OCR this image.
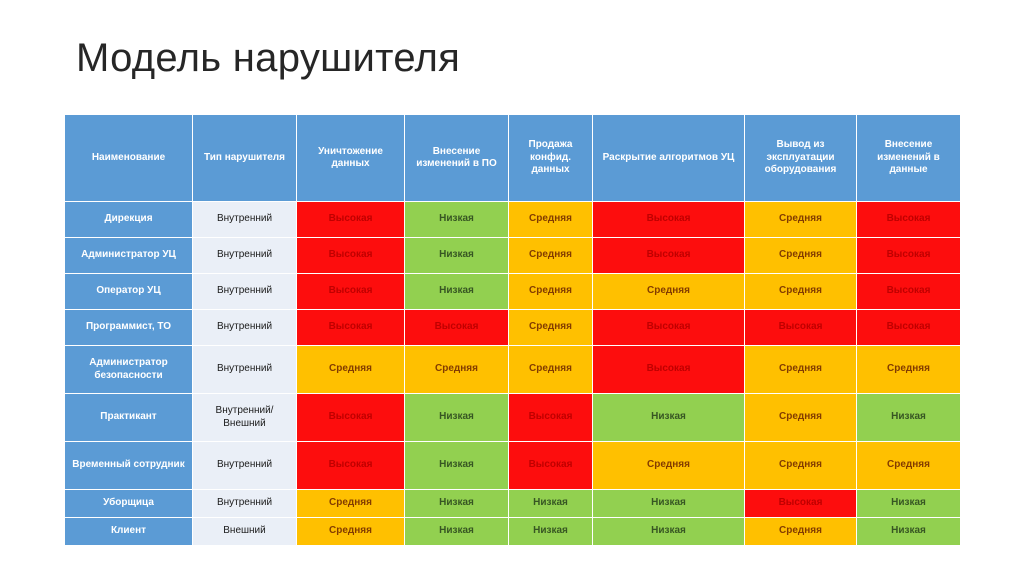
Модель нарушителя
Наименование	Тип нарушителя	Уничтожение данных	Внесение изменений в ПО	Продажа конфид. данных	Раскрытие алгоритмов УЦ	Вывод из эксплуатации оборудования	Внесение изменений в данные
Дирекция	Внутренний	Высокая	Низкая	Средняя	Высокая	Средняя	Высокая
Администратор УЦ	Внутренний	Высокая	Низкая	Средняя	Высокая	Средняя	Высокая
Оператор УЦ	Внутренний	Высокая	Низкая	Средняя	Средняя	Средняя	Высокая
Программист, ТО	Внутренний	Высокая	Высокая	Средняя	Высокая	Высокая	Высокая
Администратор безопасности	Внутренний	Средняя	Средняя	Средняя	Высокая	Средняя	Средняя
Практикант	Внутренний/ Внешний	Высокая	Низкая	Высокая	Низкая	Средняя	Низкая
Временный сотрудник	Внутренний	Высокая	Низкая	Высокая	Средняя	Средняя	Средняя
Уборщица	Внутренний	Средняя	Низкая	Низкая	Низкая	Высокая	Низкая
Клиент	Внешний	Средняя	Низкая	Низкая	Низкая	Средняя	Низкая
